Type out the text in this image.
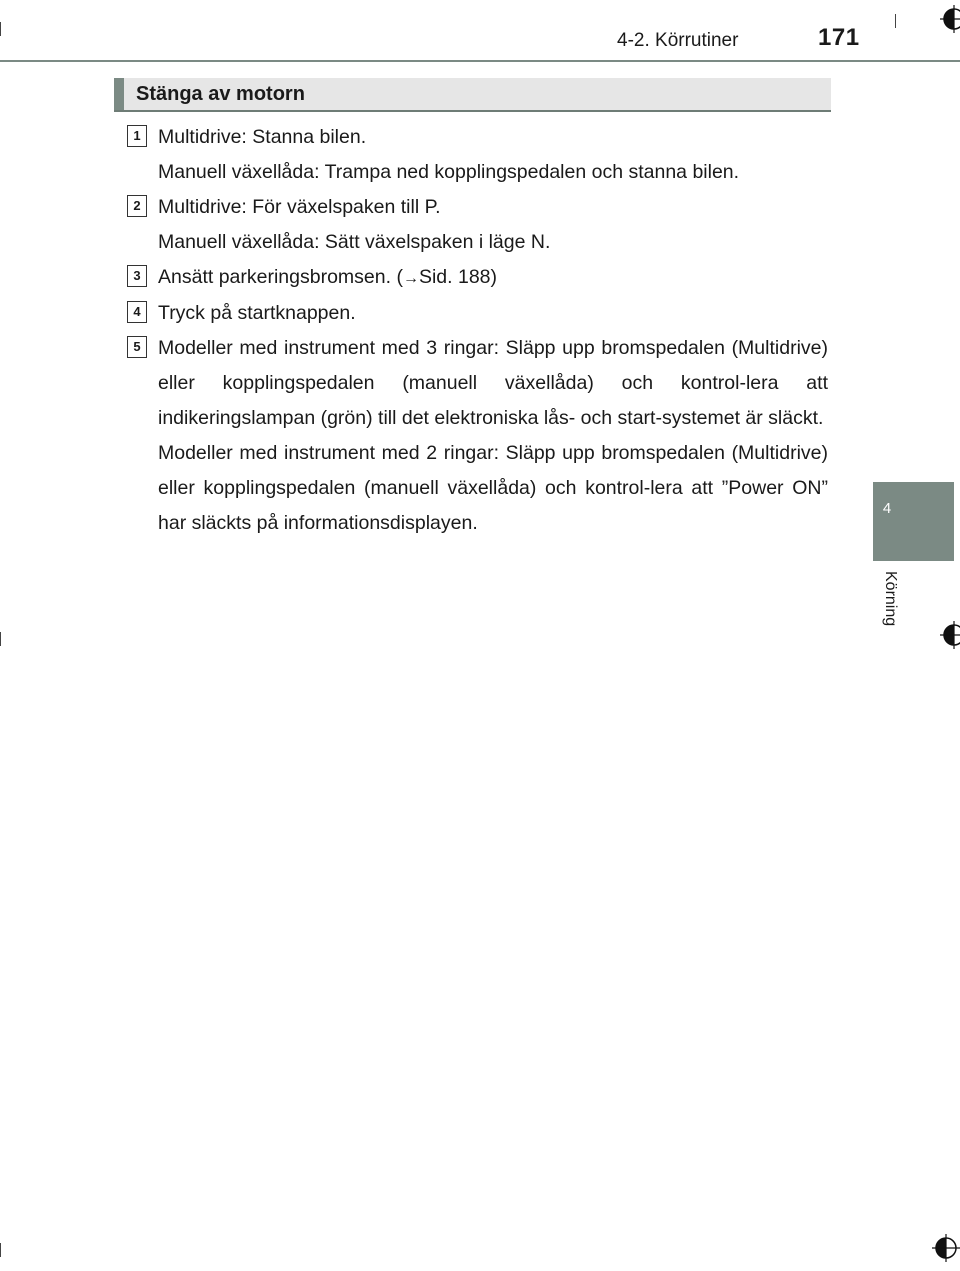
4-2. Körrutiner	171
4
Körning
Stänga av motorn
1 Multidrive: Stanna bilen.

Manuell växellåda: Trampa ned kopplingspedalen och stanna bilen.

2 Multidrive: För växelspaken till P.

Manuell växellåda: Sätt växelspaken i läge N.

3 Ansätt parkeringsbromsen. (→Sid. 188)

4 Tryck på startknappen.

5 Modeller med instrument med 3 ringar: Släpp upp bromspedalen (Multidrive) eller kopplingspedalen (manuell växellåda) och kontrol-lera att indikeringslampan (grön) till det elektroniska lås- och start-systemet är släckt.

Modeller med instrument med 2 ringar: Släpp upp bromspedalen (Multidrive) eller kopplingspedalen (manuell växellåda) och kontrol-lera att ”Power ON” har släckts på informationsdisplayen.
